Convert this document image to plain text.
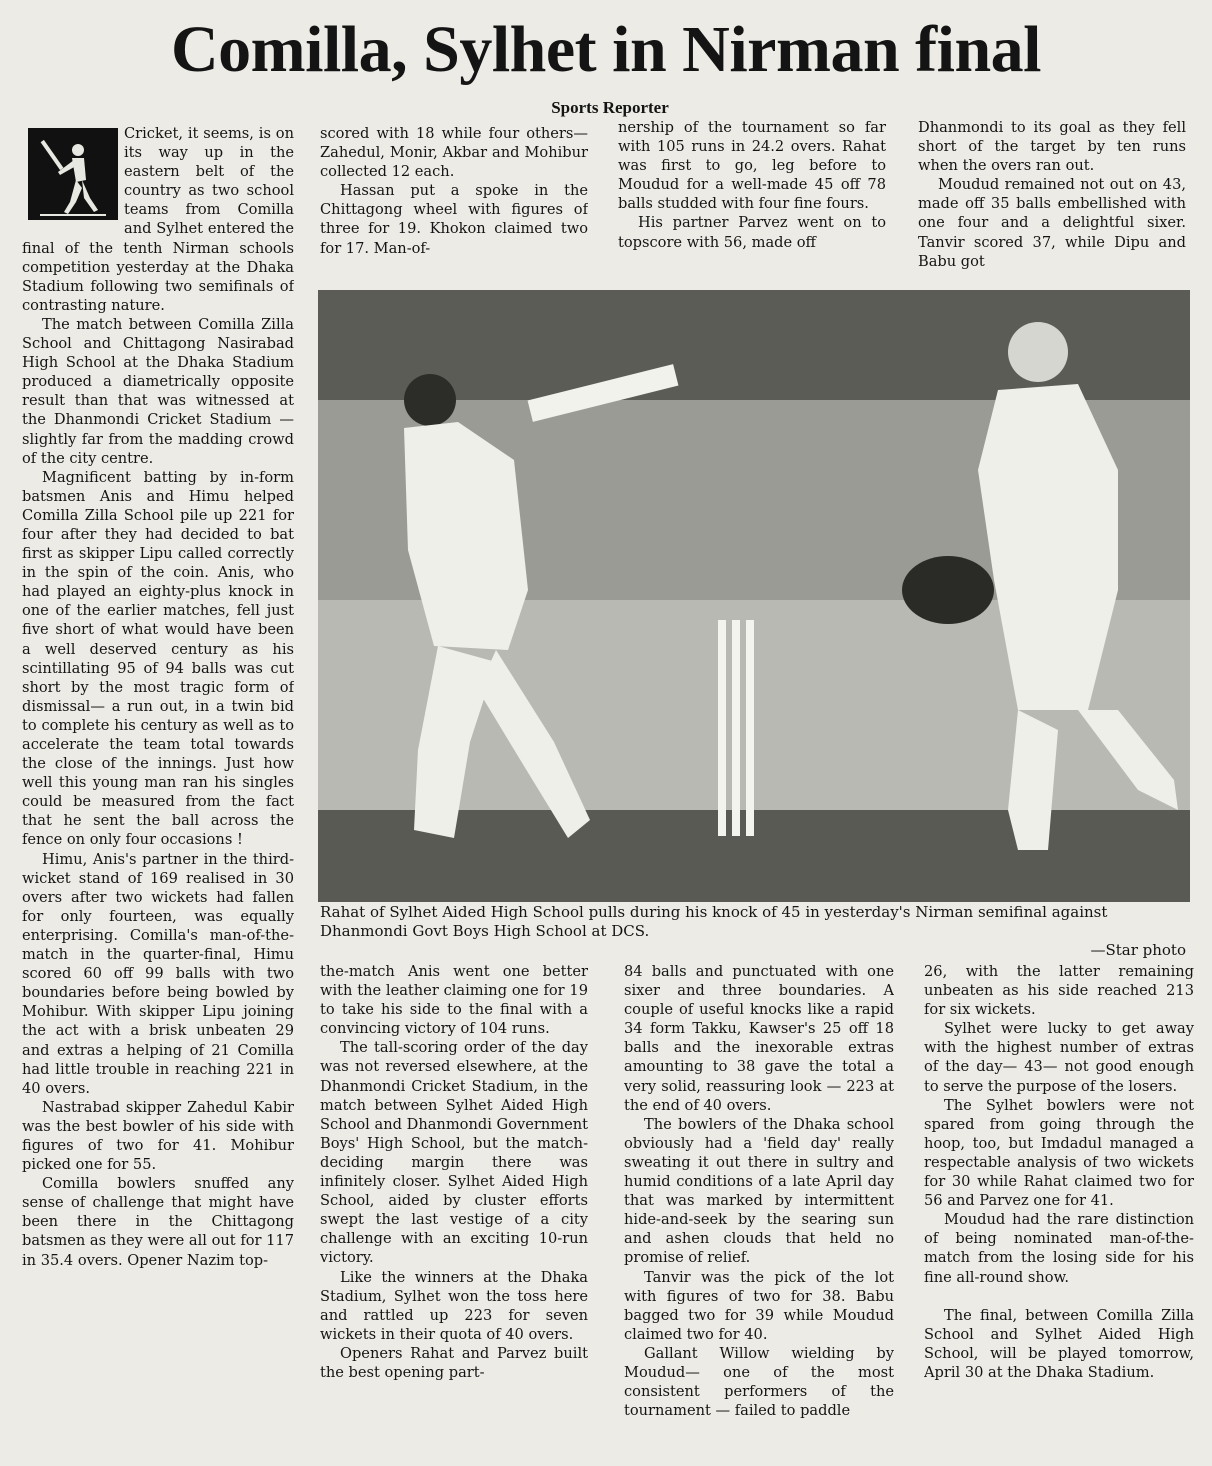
Comilla, Sylhet in Nirman final
Sports Reporter

Cricket, it seems, is on its way up in the eastern belt of the country as two school teams from Comilla and Sylhet entered the final of the tenth Nirman schools competition yesterday at the Dhaka Stadium following two semifinals of contrasting nature.

The match between Comilla Zilla School and Chittagong Nasirabad High School at the Dhaka Stadium produced a diametrically opposite result than that was witnessed at the Dhanmondi Cricket Stadium — slightly far from the madding crowd of the city centre.

Magnificent batting by in-form batsmen Anis and Himu helped Comilla Zilla School pile up 221 for four after they had decided to bat first as skipper Lipu called correctly in the spin of the coin. Anis, who had played an eighty-plus knock in one of the earlier matches, fell just five short of what would have been a well deserved century as his scintillating 95 of 94 balls was cut short by the most tragic form of dismissal— a run out, in a twin bid to complete his century as well as to accelerate the team total towards the close of the innings. Just how well this young man ran his singles could be measured from the fact that he sent the ball across the fence on only four occasions !

Himu, Anis's partner in the third-wicket stand of 169 realised in 30 overs after two wickets had fallen for only fourteen, was equally enterprising. Comilla's man-of-the-match in the quarter-final, Himu scored 60 off 99 balls with two boundaries before being bowled by Mohibur. With skipper Lipu joining the act with a brisk unbeaten 29 and extras a helping of 21 Comilla had little trouble in reaching 221 in 40 overs.

Nastrabad skipper Zahedul Kabir was the best bowler of his side with figures of two for 41. Mohibur picked one for 55.

Comilla bowlers snuffed any sense of challenge that might have been there in the Chittagong batsmen as they were all out for 117 in 35.4 overs. Opener Nazim top-

scored with 18 while four others—Zahedul, Monir, Akbar and Mohibur collected 12 each.

Hassan put a spoke in the Chittagong wheel with figures of three for 19. Khokon claimed two for 17. Man-of-

nership of the tournament so far with 105 runs in 24.2 overs. Rahat was first to go, leg before to Moudud for a well-made 45 off 78 balls studded with four fine fours.

His partner Parvez went on to topscore with 56, made off

Dhanmondi to its goal as they fell short of the target by ten runs when the overs ran out.

Moudud remained not out on 43, made off 35 balls embellished with one four and a delightful sixer. Tanvir scored 37, while Dipu and Babu got

Rahat of Sylhet Aided High School pulls during his knock of 45 in yesterday's Nirman semifinal against Dhanmondi Govt Boys High School at DCS.
—Star photo

the-match Anis went one better with the leather claiming one for 19 to take his side to the final with a convincing victory of 104 runs.

The tall-scoring order of the day was not reversed elsewhere, at the Dhanmondi Cricket Stadium, in the match between Sylhet Aided High School and Dhanmondi Government Boys' High School, but the match-deciding margin there was infinitely closer. Sylhet Aided High School, aided by cluster efforts swept the last vestige of a city challenge with an exciting 10-run victory.

Like the winners at the Dhaka Stadium, Sylhet won the toss here and rattled up 223 for seven wickets in their quota of 40 overs.

Openers Rahat and Parvez built the best opening part-

84 balls and punctuated with one sixer and three boundaries. A couple of useful knocks like a rapid 34 form Takku, Kawser's 25 off 18 balls and the inexorable extras amounting to 38 gave the total a very solid, reassuring look — 223 at the end of 40 overs.

The bowlers of the Dhaka school obviously had a 'field day' really sweating it out there in sultry and humid conditions of a late April day that was marked by intermittent hide-and-seek by the searing sun and ashen clouds that held no promise of relief.

Tanvir was the pick of the lot with figures of two for 38. Babu bagged two for 39 while Moudud claimed two for 40.

Gallant Willow wielding by Moudud— one of the most consistent performers of the tournament — failed to paddle

26, with the latter remaining unbeaten as his side reached 213 for six wickets.

Sylhet were lucky to get away with the highest number of extras of the day— 43— not good enough to serve the purpose of the losers.

The Sylhet bowlers were not spared from going through the hoop, too, but Imdadul managed a respectable analysis of two wickets for 30 while Rahat claimed two for 56 and Parvez one for 41.

Moudud had the rare distinction of being nominated man-of-the-match from the losing side for his fine all-round show.

The final, between Comilla Zilla School and Sylhet Aided High School, will be played tomorrow, April 30 at the Dhaka Stadium.
